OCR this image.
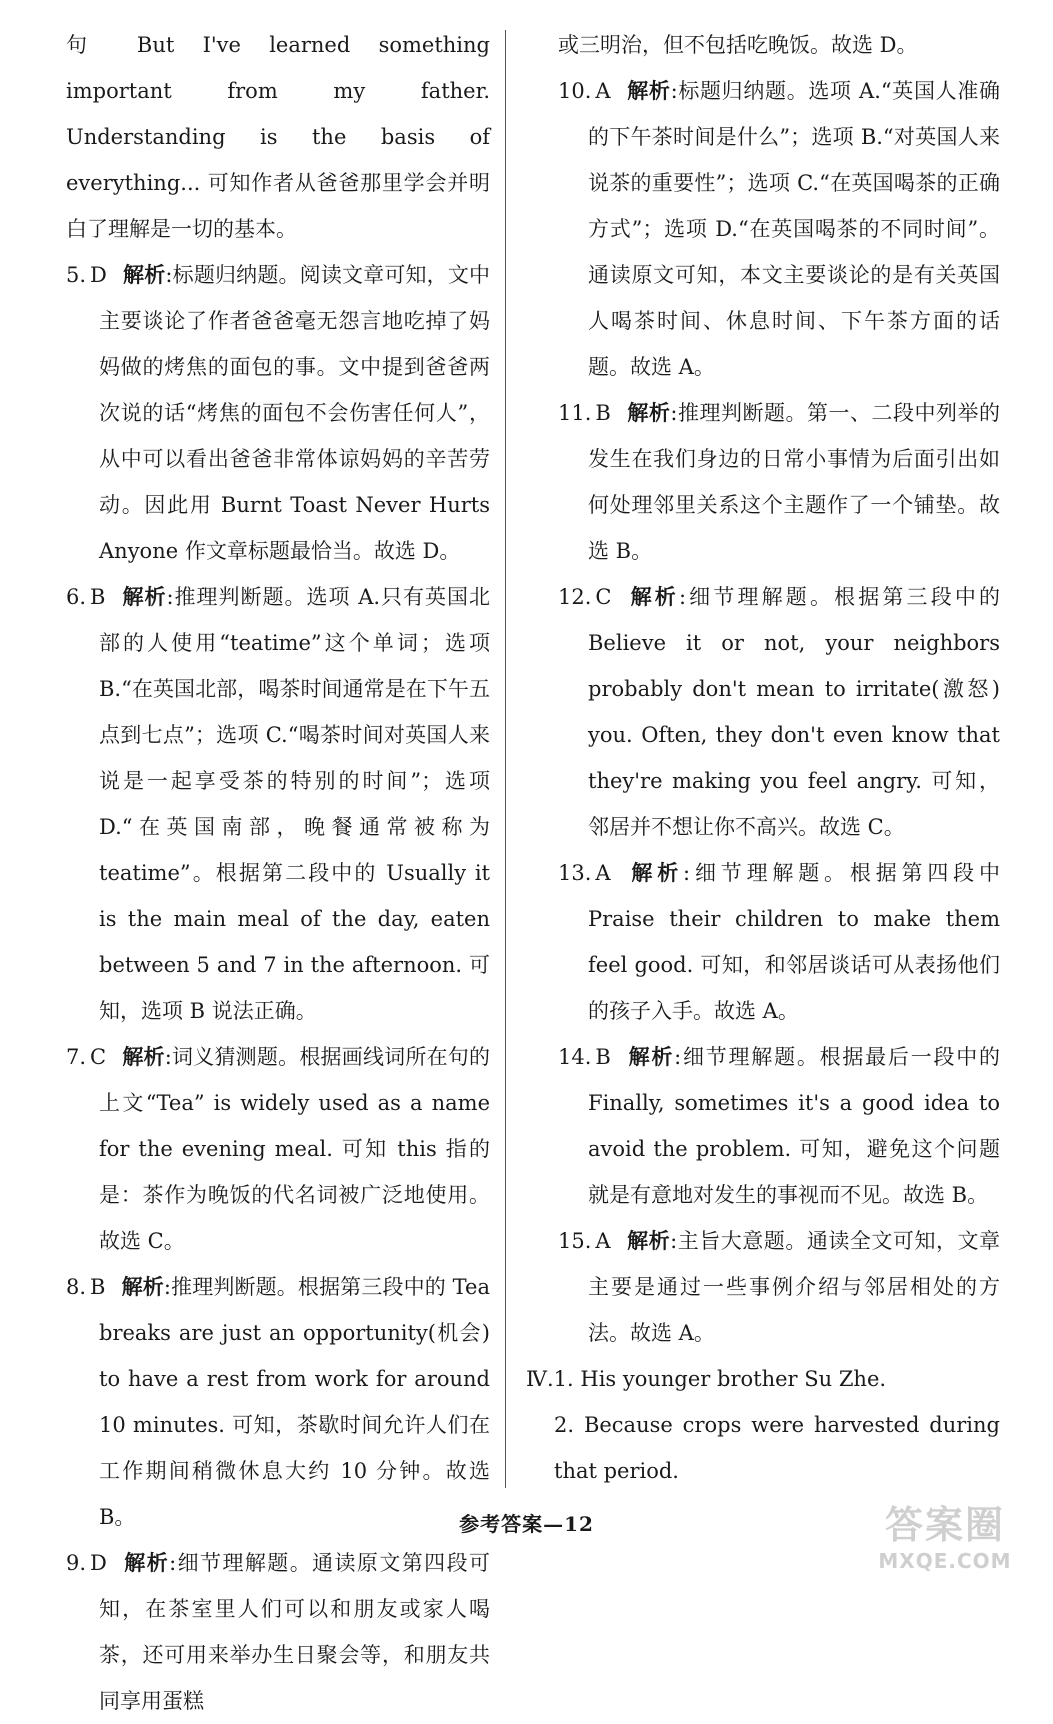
句 But I've learned something important from my father. Understanding is the basis of everything... 可知作者从爸爸那里学会并明白了理解是一切的基本。

5. D 解析:标题归纳题。阅读文章可知，文中主要谈论了作者爸爸毫无怨言地吃掉了妈妈做的烤焦的面包的事。文中提到爸爸两次说的话“烤焦的面包不会伤害任何人”，从中可以看出爸爸非常体谅妈妈的辛苦劳动。因此用 Burnt Toast Never Hurts Anyone 作文章标题最恰当。故选 D。

6. B 解析:推理判断题。选项 A.只有英国北部的人使用“teatime”这个单词；选项 B.“在英国北部，喝茶时间通常是在下午五点到七点”；选项 C.“喝茶时间对英国人来说是一起享受茶的特别的时间”；选项 D.“在英国南部，晚餐通常被称为 teatime”。根据第二段中的 Usually it is the main meal of the day, eaten between 5 and 7 in the afternoon. 可知，选项 B 说法正确。

7. C 解析:词义猜测题。根据画线词所在句的上文“Tea” is widely used as a name for the evening meal. 可知 this 指的是：茶作为晚饭的代名词被广泛地使用。故选 C。

8. B 解析:推理判断题。根据第三段中的 Tea breaks are just an opportunity(机会) to have a rest from work for around 10 minutes. 可知，茶歇时间允许人们在工作期间稍微休息大约 10 分钟。故选 B。

9. D 解析:细节理解题。通读原文第四段可知，在茶室里人们可以和朋友或家人喝茶，还可用来举办生日聚会等，和朋友共同享用蛋糕

或三明治，但不包括吃晚饭。故选 D。

10. A 解析:标题归纳题。选项 A.“英国人准确的下午茶时间是什么”；选项 B.“对英国人来说茶的重要性”；选项 C.“在英国喝茶的正确方式”；选项 D.“在英国喝茶的不同时间”。通读原文可知，本文主要谈论的是有关英国人喝茶时间、休息时间、下午茶方面的话题。故选 A。

11. B 解析:推理判断题。第一、二段中列举的发生在我们身边的日常小事情为后面引出如何处理邻里关系这个主题作了一个铺垫。故选 B。

12. C 解析:细节理解题。根据第三段中的 Believe it or not, your neighbors probably don't mean to irritate(激怒) you. Often, they don't even know that they're making you feel angry. 可知，邻居并不想让你不高兴。故选 C。

13. A 解析:细节理解题。根据第四段中 Praise their children to make them feel good. 可知，和邻居谈话可从表扬他们的孩子入手。故选 A。

14. B 解析:细节理解题。根据最后一段中的 Finally, sometimes it's a good idea to avoid the problem. 可知，避免这个问题就是有意地对发生的事视而不见。故选 B。

15. A 解析:主旨大意题。通读全文可知，文章主要是通过一些事例介绍与邻居相处的方法。故选 A。

Ⅳ.1. His younger brother Su Zhe.

2. Because crops were harvested during that period.

参考答案—12	答案圈
MXQE.COM
